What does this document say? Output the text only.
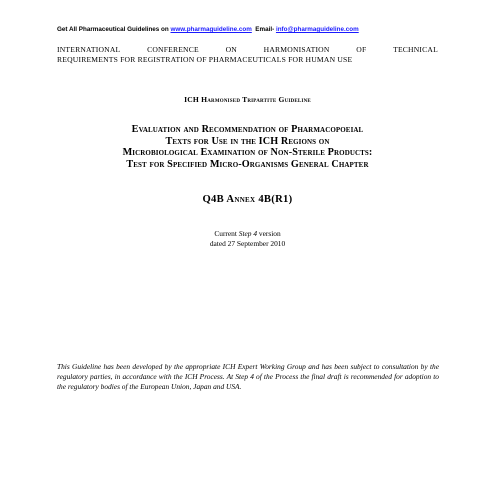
Get All Pharmaceutical Guidelines on www.pharmaguideline.com  Email- info@pharmaguideline.com
INTERNATIONAL	CONFERENCE	ON	HARMONISATION	OF	TECHNICAL
REQUIREMENTS FOR REGISTRATION OF PHARMACEUTICALS FOR HUMAN USE
ICH Harmonised Tripartite Guideline
Evaluation and Recommendation of Pharmacopoeial
Texts for Use in the ICH Regions on
Microbiological Examination of Non-Sterile Products:
Test for Specified Micro-Organisms General Chapter
Q4B Annex 4B(R1)
Current Step 4 version
dated 27 September 2010
This Guideline has been developed by the appropriate ICH Expert Working Group and has been subject to consultation by the regulatory parties, in accordance with the ICH Process. At Step 4 of the Process the final draft is recommended for adoption to the regulatory bodies of the European Union, Japan and USA.
